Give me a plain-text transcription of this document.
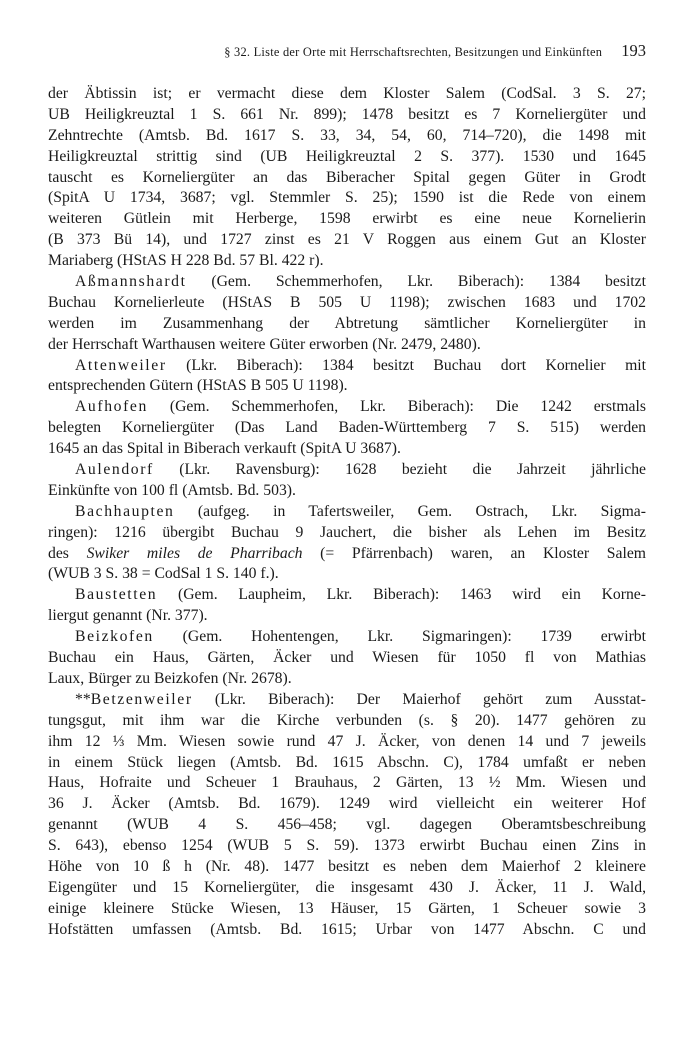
§ 32. Liste der Orte mit Herrschaftsrechten, Besitzungen und Einkünften 193
der Äbtissin ist; er vermacht diese dem Kloster Salem (CodSal. 3 S. 27;
UB Heiligkreuztal 1 S. 661 Nr. 899); 1478 besitzt es 7 Korneliergüter und
Zehntrechte (Amtsb. Bd. 1617 S. 33, 34, 54, 60, 714–720), die 1498 mit
Heiligkreuztal strittig sind (UB Heiligkreuztal 2 S. 377). 1530 und 1645
tauscht es Korneliergüter an das Biberacher Spital gegen Güter in Grodt
(SpitA U 1734, 3687; vgl. Stemmler S. 25); 1590 ist die Rede von einem
weiteren Gütlein mit Herberge, 1598 erwirbt es eine neue Kornelierin
(B 373 Bü 14), und 1727 zinst es 21 V Roggen aus einem Gut an Kloster
Mariaberg (HStAS H 228 Bd. 57 Bl. 422 r).
Aßmannshardt (Gem. Schemmerhofen, Lkr. Biberach): 1384 besitzt
Buchau Kornelierleute (HStAS B 505 U 1198); zwischen 1683 und 1702
werden im Zusammenhang der Abtretung sämtlicher Korneliergüter in
der Herrschaft Warthausen weitere Güter erworben (Nr. 2479, 2480).
Attenweiler (Lkr. Biberach): 1384 besitzt Buchau dort Kornelier mit
entsprechenden Gütern (HStAS B 505 U 1198).
Aufhofen (Gem. Schemmerhofen, Lkr. Biberach): Die 1242 erstmals
belegten Korneliergüter (Das Land Baden-Württemberg 7 S. 515) werden
1645 an das Spital in Biberach verkauft (SpitA U 3687).
Aulendorf (Lkr. Ravensburg): 1628 bezieht die Jahrzeit jährliche
Einkünfte von 100 fl (Amtsb. Bd. 503).
Bachhaupten (aufgeg. in Tafertsweiler, Gem. Ostrach, Lkr. Sigma-
ringen): 1216 übergibt Buchau 9 Jauchert, die bisher als Lehen im Besitz
des Swiker miles de Pharribach (= Pfärrenbach) waren, an Kloster Salem
(WUB 3 S. 38 = CodSal 1 S. 140 f.).
Baustetten (Gem. Laupheim, Lkr. Biberach): 1463 wird ein Korne-
liergut genannt (Nr. 377).
Beizkofen (Gem. Hohentengen, Lkr. Sigmaringen): 1739 erwirbt
Buchau ein Haus, Gärten, Äcker und Wiesen für 1050 fl von Mathias
Laux, Bürger zu Beizkofen (Nr. 2678).
**Betzenweiler (Lkr. Biberach): Der Maierhof gehört zum Ausstat-
tungsgut, mit ihm war die Kirche verbunden (s. § 20). 1477 gehören zu
ihm 12 ⅓ Mm. Wiesen sowie rund 47 J. Äcker, von denen 14 und 7 jeweils
in einem Stück liegen (Amtsb. Bd. 1615 Abschn. C), 1784 umfaßt er neben
Haus, Hofraite und Scheuer 1 Brauhaus, 2 Gärten, 13 ½ Mm. Wiesen und
36 J. Äcker (Amtsb. Bd. 1679). 1249 wird vielleicht ein weiterer Hof
genannt (WUB 4 S. 456–458; vgl. dagegen Oberamtsbeschreibung
S. 643), ebenso 1254 (WUB 5 S. 59). 1373 erwirbt Buchau einen Zins in
Höhe von 10 ß h (Nr. 48). 1477 besitzt es neben dem Maierhof 2 kleinere
Eigengüter und 15 Korneliergüter, die insgesamt 430 J. Äcker, 11 J. Wald,
einige kleinere Stücke Wiesen, 13 Häuser, 15 Gärten, 1 Scheuer sowie 3
Hofstätten umfassen (Amtsb. Bd. 1615; Urbar von 1477 Abschn. C und
